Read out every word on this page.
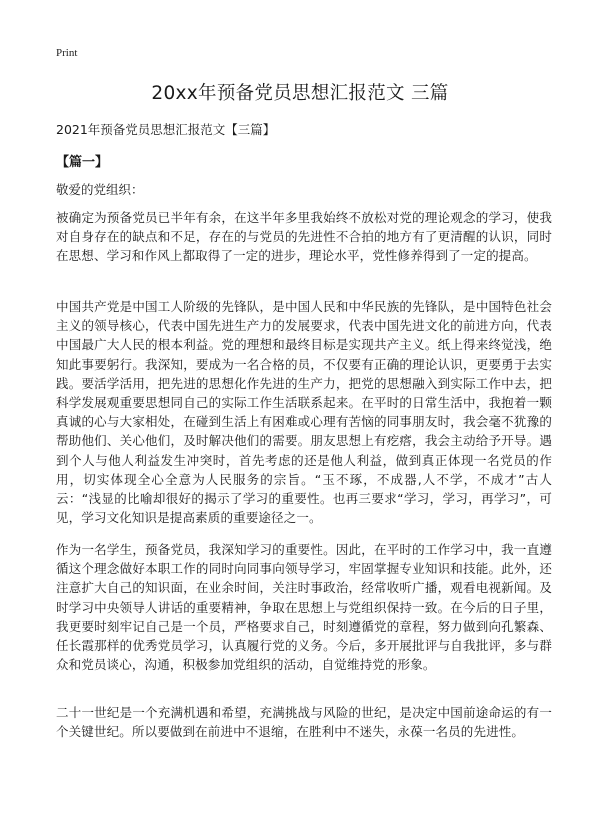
Print
20xx年预备党员思想汇报范文 三篇
2021年预备党员思想汇报范文【三篇】
【篇一】
敬爱的党组织：

被确定为预备党员已半年有余，在这半年多里我始终不放松对党的理论观念的学习，使我对自身存在的缺点和不足，存在的与党员的先进性不合拍的地方有了更清醒的认识，同时在思想、学习和作风上都取得了一定的进步，理论水平，党性修养得到了一定的提高。

中国共产党是中国工人阶级的先锋队，是中国人民和中华民族的先锋队，是中国特色社会主义的领导核心，代表中国先进生产力的发展要求，代表中国先进文化的前进方向，代表中国最广大人民的根本利益。党的理想和最终目标是实现共产主义。纸上得来终觉浅，绝知此事要躬行。我深知，要成为一名合格的员，不仅要有正确的理论认识，更要勇于去实践。要活学活用，把先进的思想化作先进的生产力，把党的思想融入到实际工作中去，把科学发展观重要思想同自己的实际工作生活联系起来。在平时的日常生活中，我抱着一颗真诚的心与大家相处，在碰到生活上有困难或心理有苦恼的同事朋友时，我会毫不犹豫的帮助他们、关心他们，及时解决他们的需要。朋友思想上有疙瘩，我会主动给予开导。遇到个人与他人利益发生冲突时，首先考虑的还是他人利益，做到真正体现一名党员的作用，切实体现全心全意为人民服务的宗旨。“玉不琢，不成器,人不学，不成才”古人云：“浅显的比喻却很好的揭示了学习的重要性。也再三要求“学习，学习，再学习”，可见，学习文化知识是提高素质的重要途径之一。

作为一名学生，预备党员，我深知学习的重要性。因此，在平时的工作学习中，我一直遵循这个理念做好本职工作的同时向同事向领导学习，牢固掌握专业知识和技能。此外，还注意扩大自己的知识面，在业余时间，关注时事政治，经常收听广播，观看电视新闻。及时学习中央领导人讲话的重要精神，争取在思想上与党组织保持一致。在今后的日子里，我更要时刻牢记自己是一个员，严格要求自己，时刻遵循党的章程，努力做到向孔繁森、任长霞那样的优秀党员学习，认真履行党的义务。今后，多开展批评与自我批评，多与群众和党员谈心，沟通，积极参加党组织的活动，自觉维持党的形象。

二十一世纪是一个充满机遇和希望，充满挑战与风险的世纪，是决定中国前途命运的有一个关键世纪。所以要做到在前进中不退缩，在胜利中不迷失，永葆一名员的先进性。
